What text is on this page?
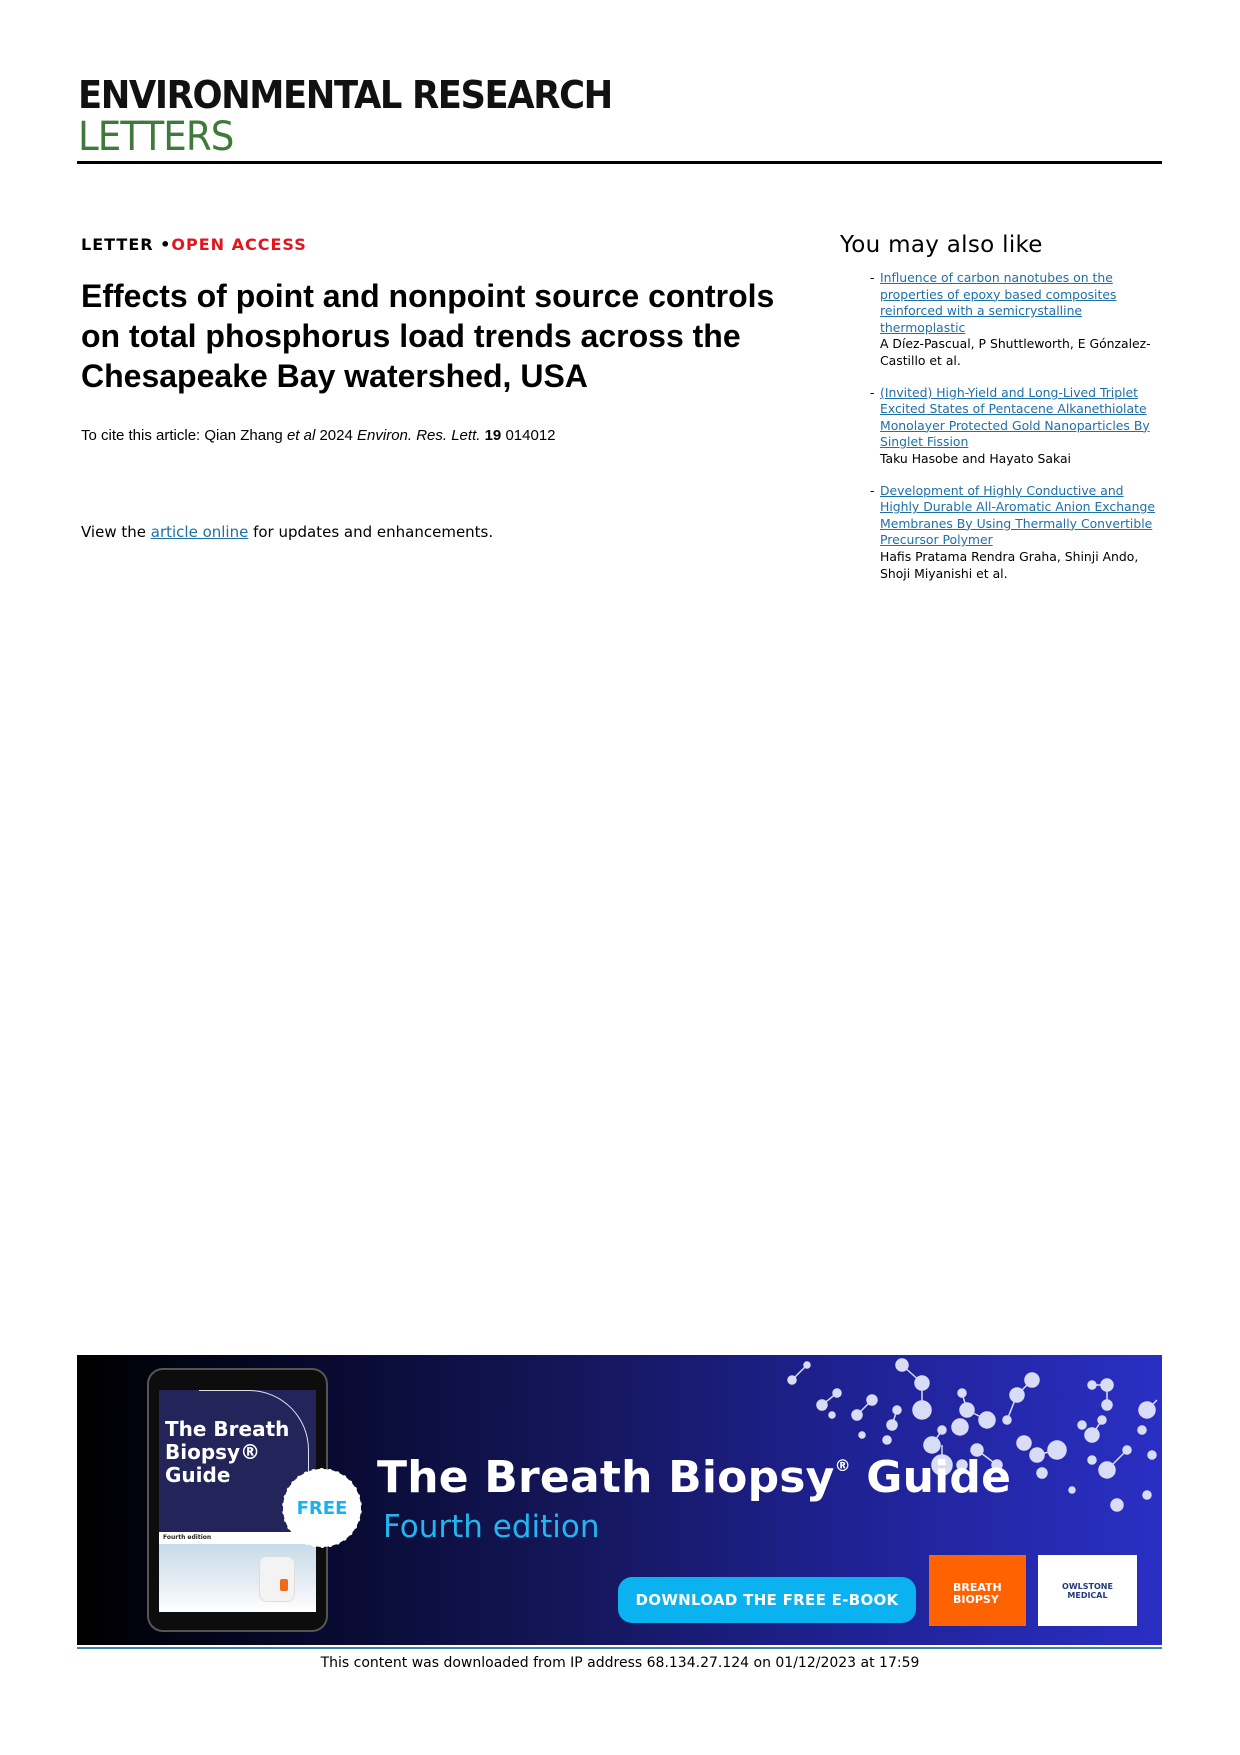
ENVIRONMENTAL RESEARCH
LETTERS
LETTER •OPEN ACCESS
Effects of point and nonpoint source controls on total phosphorus load trends across the Chesapeake Bay watershed, USA
To cite this article: Qian Zhang et al 2024 Environ. Res. Lett. 19 014012
View the article online for updates and enhancements.
You may also like
- Influence of carbon nanotubes on the properties of epoxy based composites reinforced with a semicrystalline thermoplastic
A Díez-Pascual, P Shuttleworth, E Gónzalez-Castillo et al.
- (Invited) High-Yield and Long-Lived Triplet Excited States of Pentacene Alkanethiolate Monolayer Protected Gold Nanoparticles By Singlet Fission
Taku Hasobe and Hayato Sakai
- Development of Highly Conductive and Highly Durable All-Aromatic Anion Exchange Membranes By Using Thermally Convertible Precursor Polymer
Hafis Pratama Rendra Graha, Shinji Ando, Shoji Miyanishi et al.
The Breath Biopsy® Guide
Fourth edition
FREE
The Breath Biopsy® Guide
Fourth edition
DOWNLOAD THE FREE E-BOOK
BREATH
BIOPSY
OWLSTONE
MEDICAL
This content was downloaded from IP address 68.134.27.124 on 01/12/2023 at 17:59
